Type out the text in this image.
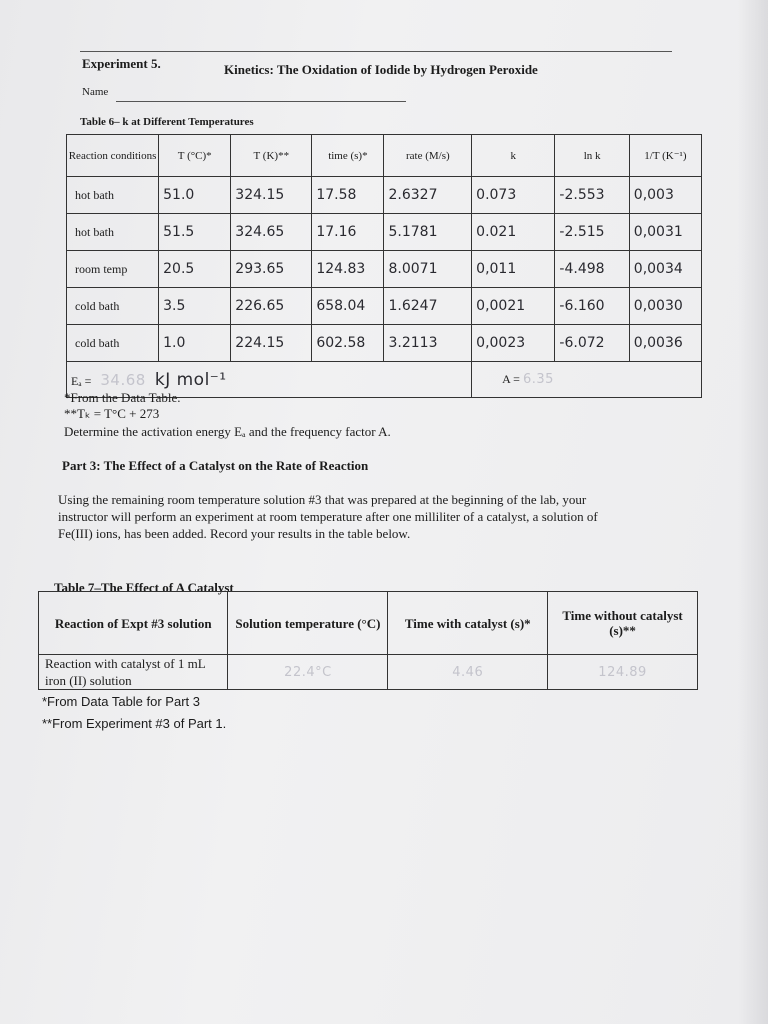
Experiment 5.	Kinetics: The Oxidation of Iodide by Hydrogen Peroxide
Name
Table 6– k at Different Temperatures
Reaction conditions	T (°C)*	T (K)**	time (s)*	rate (M/s)	k	ln k	1/T (K⁻¹)
hot bath	51.0	324.15	17.58	2.6327	0.073	-2.553	0,003
hot bath	51.5	324.65	17.16	5.1781	0.021	-2.515	0,0031
room temp	20.5	293.65	124.83	8.0071	0,011	-4.498	0,0034
cold bath	3.5	226.65	658.04	1.6247	0,0021	-6.160	0,0030
cold bath	1.0	224.15	602.58	3.2113	0,0023	-6.072	0,0036
Eₐ = 34.68 kJ mol⁻¹					A = 6.35		
*From the Data Table.
**Tₖ = T°C + 273
Determine the activation energy Eₐ and the frequency factor A.
Part 3: The Effect of a Catalyst on the Rate of Reaction
Using the remaining room temperature solution #3 that was prepared at the beginning of the lab, your
instructor will perform an experiment at room temperature after one milliliter of a catalyst, a solution of
Fe(III) ions, has been added. Record your results in the table below.
Table 7–The Effect of A Catalyst
Reaction of Expt #3 solution	Solution temperature (°C)	Time with catalyst (s)*	Time without catalyst (s)**
Reaction with catalyst of 1 mL iron (II) solution	22.4°C	4.46	124.89
*From Data Table for Part 3
**From Experiment #3 of Part 1.
